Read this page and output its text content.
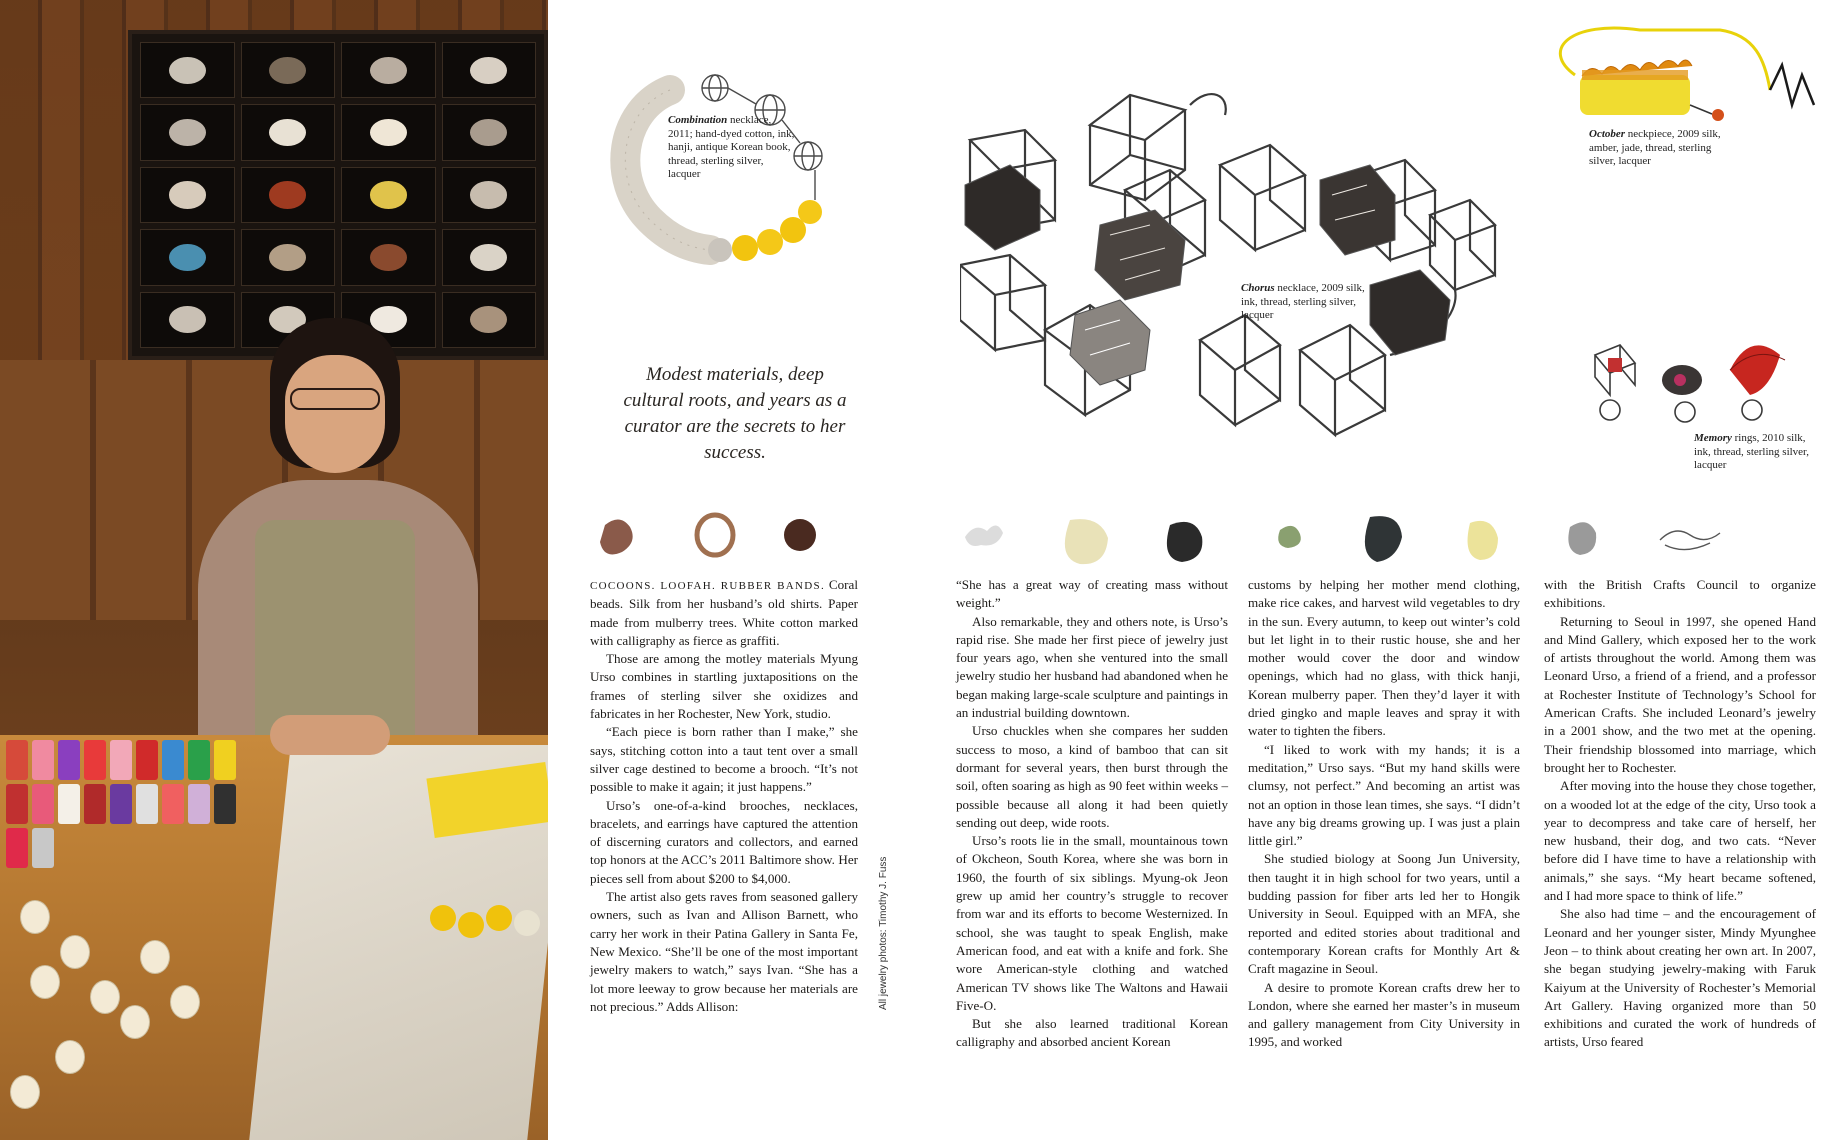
Combination necklace, 2011; hand-dyed cotton, ink, hanji, antique Korean book, thread, sterling silver, lacquer
Chorus necklace, 2009 silk, ink, thread, sterling silver, lacquer
October neckpiece, 2009 silk, amber, jade, thread, sterling silver, lacquer
Memory rings, 2010 silk, ink, thread, sterling silver, lacquer
Modest materials, deep cultural roots, and years as a curator are the secrets to her success.

COCOONS. LOOFAH. RUBBER BANDS. Coral beads. Silk from her husband’s old shirts. Paper made from mulberry trees. White cotton marked with calligraphy as fierce as graffiti.

Those are among the motley materials Myung Urso combines in startling juxtapositions on the frames of sterling silver she oxidizes and fabricates in her Rochester, New York, studio.

“Each piece is born rather than I make,” she says, stitching cotton into a taut tent over a small silver cage destined to become a brooch. “It’s not possible to make it again; it just happens.”

Urso’s one-of-a-kind brooches, necklaces, bracelets, and earrings have captured the attention of discerning curators and collectors, and earned top honors at the ACC’s 2011 Baltimore show. Her pieces sell from about $200 to $4,000.

The artist also gets raves from seasoned gallery owners, such as Ivan and Allison Barnett, who carry her work in their Patina Gallery in Santa Fe, New Mexico. “She’ll be one of the most important jewelry makers to watch,” says Ivan. “She has a lot more leeway to grow because her materials are not precious.” Adds Allison:	All jewelry photos: Timothy J. Fuss

“She has a great way of creating mass without weight.”

Also remarkable, they and others note, is Urso’s rapid rise. She made her first piece of jewelry just four years ago, when she ventured into the small jewelry studio her husband had abandoned when he began making large-scale sculpture and paintings in an industrial building downtown.

Urso chuckles when she compares her sudden success to moso, a kind of bamboo that can sit dormant for several years, then burst through the soil, often soaring as high as 90 feet within weeks – possible because all along it had been quietly sending out deep, wide roots.

Urso’s roots lie in the small, mountainous town of Okcheon, South Korea, where she was born in 1960, the fourth of six siblings. Myung-ok Jeon grew up amid her country’s struggle to recover from war and its efforts to become Westernized. In school, she was taught to speak English, make American food, and eat with a knife and fork. She wore American-style clothing and watched American TV shows like The Waltons and Hawaii Five-O.

But she also learned traditional Korean calligraphy and absorbed ancient Korean

customs by helping her mother mend clothing, make rice cakes, and harvest wild vegetables to dry in the sun. Every autumn, to keep out winter’s cold but let light in to their rustic house, she and her mother would cover the door and window openings, which had no glass, with thick hanji, Korean mulberry paper. Then they’d layer it with dried gingko and maple leaves and spray it with water to tighten the fibers.

“I liked to work with my hands; it is a meditation,” Urso says. “But my hand skills were clumsy, not perfect.” And becoming an artist was not an option in those lean times, she says. “I didn’t have any big dreams growing up. I was just a plain little girl.”

She studied biology at Soong Jun University, then taught it in high school for two years, until a budding passion for fiber arts led her to Hongik University in Seoul. Equipped with an MFA, she reported and edited stories about traditional and contemporary Korean crafts for Monthly Art & Craft magazine in Seoul.

A desire to promote Korean crafts drew her to London, where she earned her master’s in museum and gallery management from City University in 1995, and worked

with the British Crafts Council to organize exhibitions.

Returning to Seoul in 1997, she opened Hand and Mind Gallery, which exposed her to the work of artists throughout the world. Among them was Leonard Urso, a friend of a friend, and a professor at Rochester Institute of Technology’s School for American Crafts. She included Leonard’s jewelry in a 2001 show, and the two met at the opening. Their friendship blossomed into marriage, which brought her to Rochester.

After moving into the house they chose together, on a wooded lot at the edge of the city, Urso took a year to decompress and take care of herself, her new husband, their dog, and two cats. “Never before did I have time to have a relationship with animals,” she says. “My heart became softened, and I had more space to think of life.”

She also had time – and the encouragement of Leonard and her younger sister, Mindy Myunghee Jeon – to think about creating her own art. In 2007, she began studying jewelry-making with Faruk Kaiyum at the University of Rochester’s Memorial Art Gallery. Having organized more than 50 exhibitions and curated the work of hundreds of artists, Urso feared
